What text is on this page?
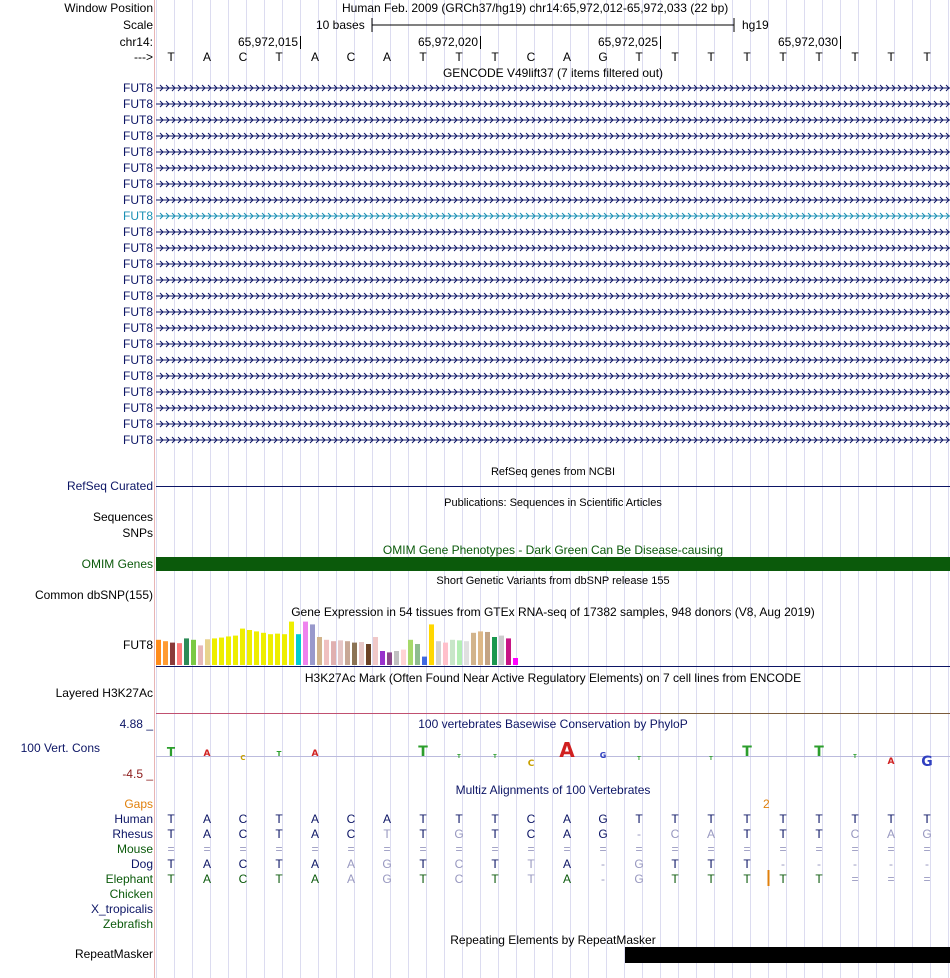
T	A	C	T	A	T	T	T
C
A	G	T	T T	T	T	A G
Window Position	Human Feb. 2009 (GRCh37/hg19) chr14:65,972,012-65,972,033 (22 bp)
Scale	10 bases	hg19
chr14:	65,972,015	65,972,020	65,972,025	65,972,030
--->	T	A	C	T	A	C	A	T	T	T	C	A	G	T	T	T	T	T	T	T	T	T
GENCODE V49lift37 (7 items filtered out)
FUT8
FUT8
FUT8
FUT8
FUT8
FUT8
FUT8
FUT8
FUT8
FUT8
FUT8
FUT8
FUT8
FUT8
FUT8
FUT8
FUT8
FUT8
FUT8
FUT8
FUT8
FUT8
FUT8
RefSeq genes from NCBI
RefSeq Curated
Publications: Sequences in Scientific Articles
Sequences
SNPs
OMIM Gene Phenotypes - Dark Green Can Be Disease-causing
OMIM Genes
Short Genetic Variants from dbSNP release 155
Common dbSNP(155)
Gene Expression in 54 tissues from GTEx RNA-seq of 17382 samples, 948 donors (V8, Aug 2019)
FUT8
H3K27Ac Mark (Often Found Near Active Regulatory Elements) on 7 cell lines from ENCODE
Layered H3K27Ac
100 vertebrates Basewise Conservation by PhyloP
4.88 _
100 Vert. Cons
-4.5 _
Multiz Alignments of 100 Vertebrates
Gaps	2
Human	T	A	C	T	A	C	A	T	T	T	C	A	G	T	T	T	T	T	T	T	T	T
Rhesus	T	A	C	T	A	C	T	T	G	T	C	A	G	-	C	A	T	T	T	C	A	G
Mouse	=	=	=	=	=	=	=	=	=	=	=	=	=	=	=	=	=	=	=	=	=	=
Dog	T	A	C	T	A	A	G	T	C	T	T	A	-	G	T	T	T	-	-	-	-	-
Elephant	T	A	C	T	A	A	G	T	C	T	T	A	-	G	T	T	T	T	T	=	=	=
Chicken
X_tropicalis
Zebrafish
Repeating Elements by RepeatMasker
RepeatMasker
